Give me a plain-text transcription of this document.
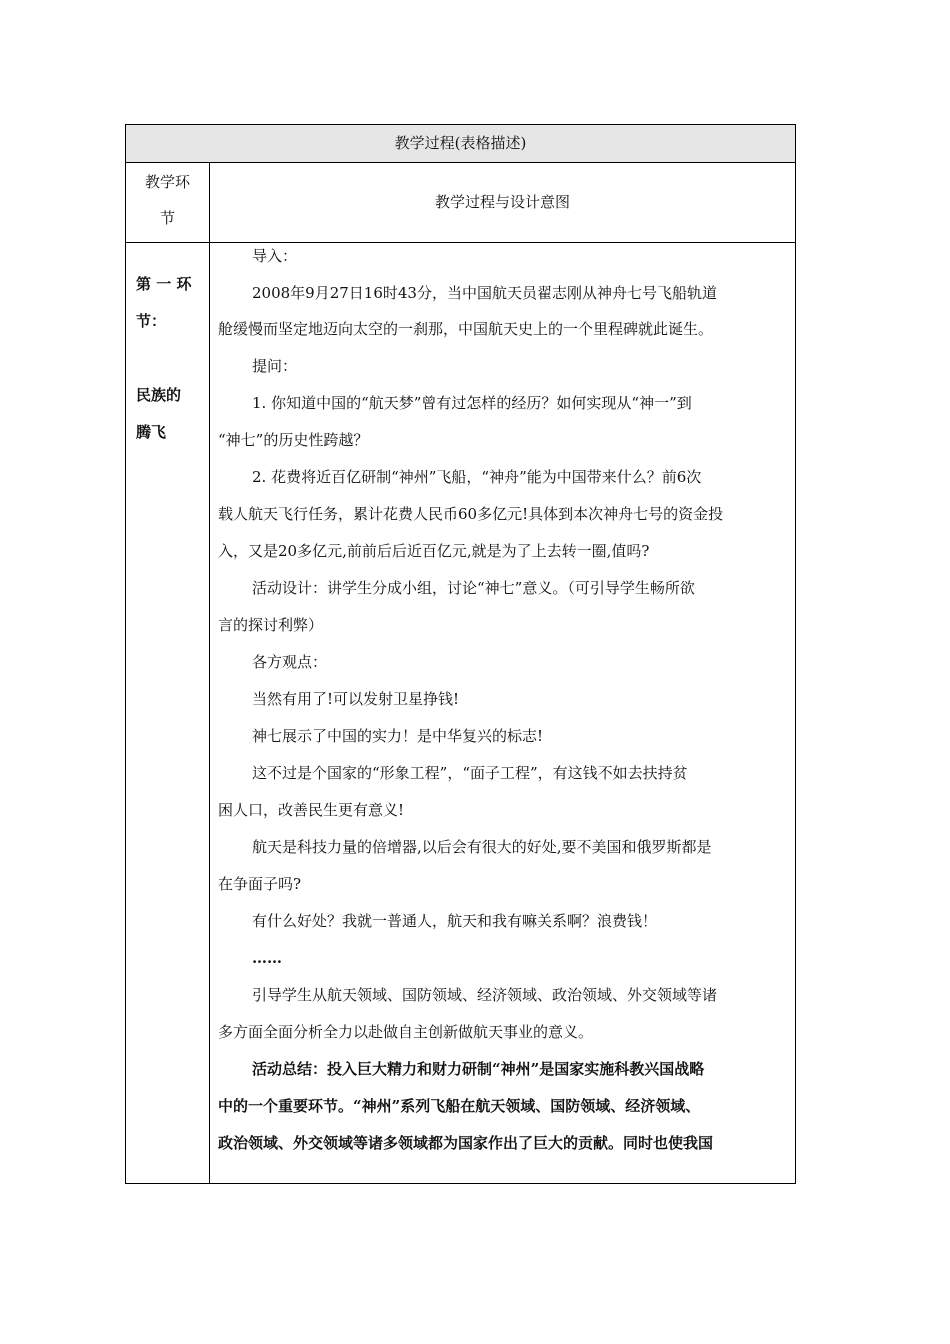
教学过程(表格描述)
教学环
节
教学过程与设计意图
第 一 环
节：
民族的
腾飞
导入：
2008年9月27日16时43分，当中国航天员翟志刚从神舟七号飞船轨道
舱缓慢而坚定地迈向太空的一刹那，中国航天史上的一个里程碑就此诞生。
提问：
1. 你知道中国的“航天梦”曾有过怎样的经历？如何实现从“神一”到
“神七”的历史性跨越？
2. 花费将近百亿研制“神州”飞船，“神舟”能为中国带来什么？前6次
载人航天飞行任务，累计花费人民币60多亿元!具体到本次神舟七号的资金投
入，又是20多亿元,前前后后近百亿元,就是为了上去转一圈,值吗?
活动设计：讲学生分成小组，讨论“神七”意义。（可引导学生畅所欲
言的探讨利弊）
各方观点：
当然有用了!可以发射卫星挣钱!
神七展示了中国的实力！是中华复兴的标志!
这不过是个国家的“形象工程”，“面子工程”，有这钱不如去扶持贫
困人口，改善民生更有意义!
航天是科技力量的倍增器,以后会有很大的好处,要不美国和俄罗斯都是
在争面子吗?
有什么好处？我就一普通人，航天和我有嘛关系啊？浪费钱！
……
引导学生从航天领域、国防领域、经济领域、政治领域、外交领域等诸
多方面全面分析全力以赴做自主创新做航天事业的意义。
活动总结：投入巨大精力和财力研制“神州”是国家实施科教兴国战略
中的一个重要环节。“神州”系列飞船在航天领域、国防领域、经济领域、
政治领域、外交领域等诸多领域都为国家作出了巨大的贡献。同时也使我国
